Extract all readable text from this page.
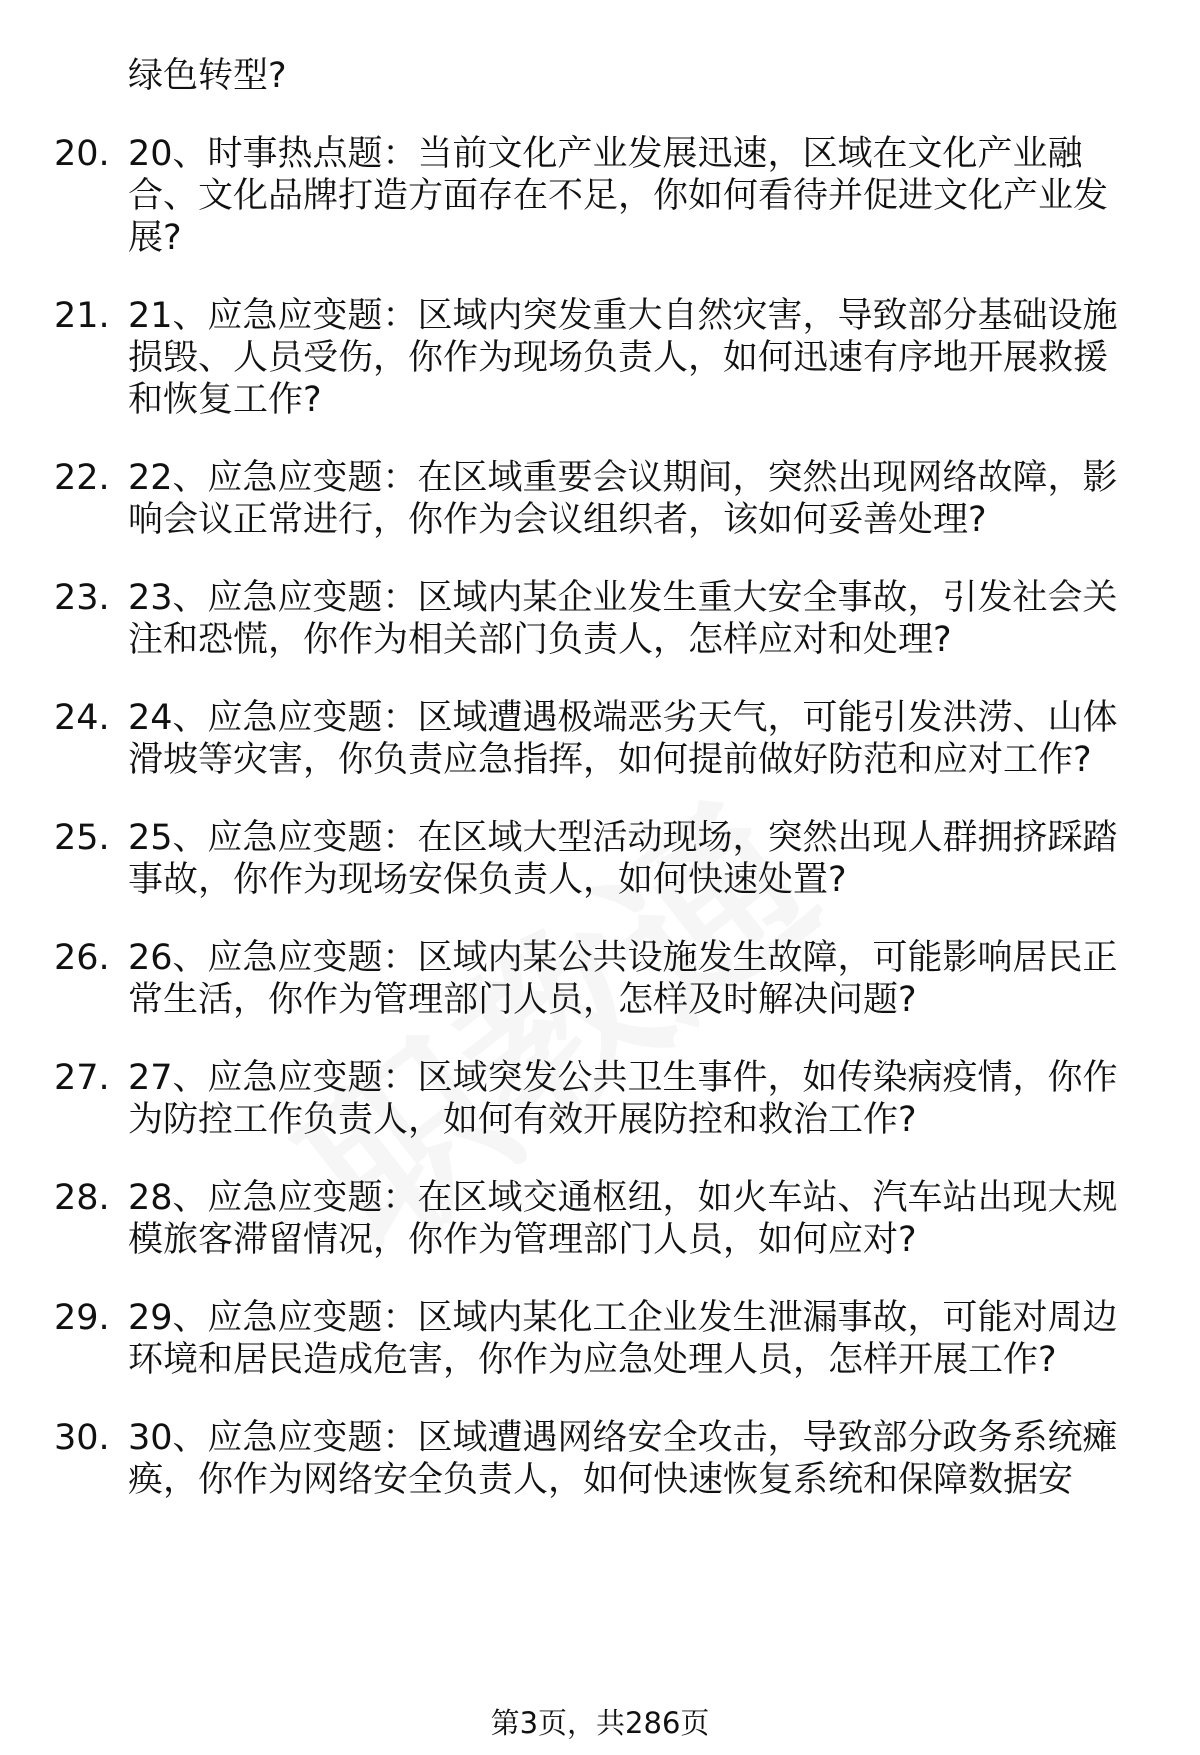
绿色转型?
20. 20、时事热点题：当前文化产业发展迅速，区域在文化产业融
合、文化品牌打造方面存在不足，你如何看待并促进文化产业发
展?
21. 21、应急应变题：区域内突发重大自然灾害，导致部分基础设施
损毁、人员受伤，你作为现场负责人，如何迅速有序地开展救援
和恢复工作?
22. 22、应急应变题：在区域重要会议期间，突然出现网络故障，影
响会议正常进行，你作为会议组织者，该如何妥善处理?
23. 23、应急应变题：区域内某企业发生重大安全事故，引发社会关
注和恐慌，你作为相关部门负责人，怎样应对和处理?
24. 24、应急应变题：区域遭遇极端恶劣天气，可能引发洪涝、山体
滑坡等灾害，你负责应急指挥，如何提前做好防范和应对工作?
25. 25、应急应变题：在区域大型活动现场，突然出现人群拥挤踩踏
事故，你作为现场安保负责人，如何快速处置?
26. 26、应急应变题：区域内某公共设施发生故障，可能影响居民正
常生活，你作为管理部门人员，怎样及时解决问题?
27. 27、应急应变题：区域突发公共卫生事件，如传染病疫情，你作
为防控工作负责人，如何有效开展防控和救治工作?
28. 28、应急应变题：在区域交通枢纽，如火车站、汽车站出现大规
模旅客滞留情况，你作为管理部门人员，如何应对?
29. 29、应急应变题：区域内某化工企业发生泄漏事故，可能对周边
环境和居民造成危害，你作为应急处理人员，怎样开展工作?
30. 30、应急应变题：区域遭遇网络安全攻击，导致部分政务系统瘫
痪，你作为网络安全负责人，如何快速恢复系统和保障数据安
第3页，共286页
